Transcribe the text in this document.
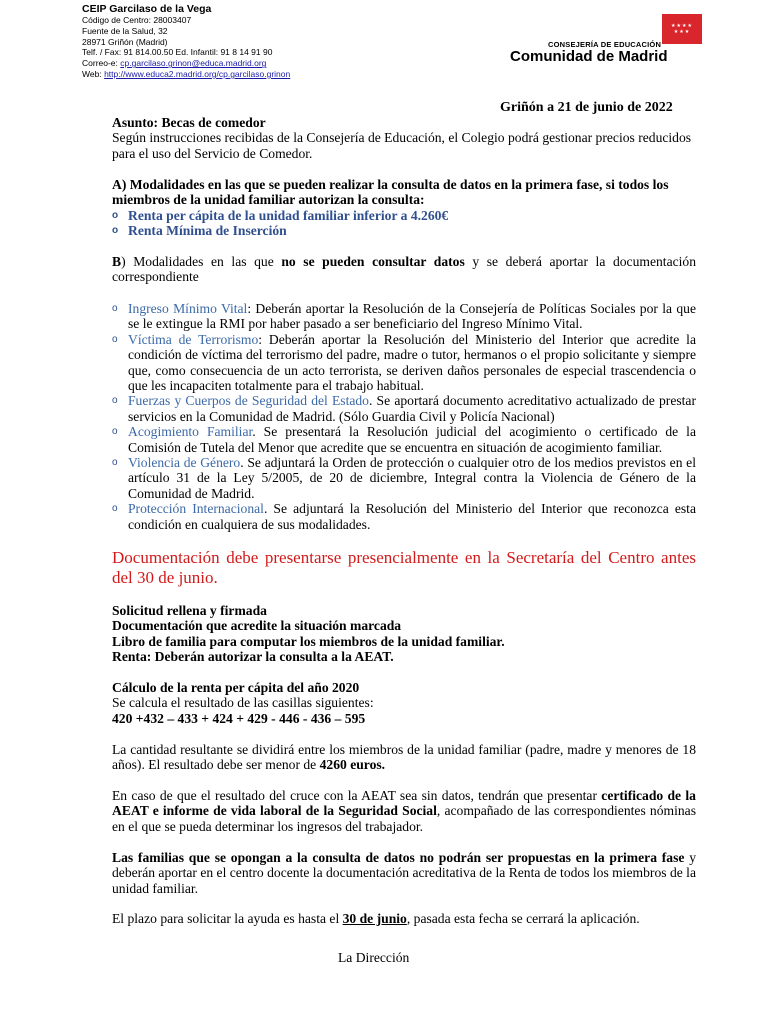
CEIP Garcilaso de la Vega
Código de Centro: 28003407
Fuente de la Salud, 32
28971 Griñón (Madrid)
Telf. / Fax: 91 814.00.50 Ed. Infantil: 91 8 14 91 90
Correo-e: cp.garcilaso.grinon@educa.madrid.org
Web: http://www.educa2.madrid.org/cp.garcilaso.grinon
★★★★ ★★★
CONSEJERÍA DE EDUCACIÓN
Comunidad de Madrid
Griñón a 21 de junio de 2022

Asunto: Becas de comedor

Según instrucciones recibidas de la Consejería de Educación, el Colegio podrá gestionar precios reducidos para el uso del Servicio de Comedor.

A) Modalidades en las que se pueden realizar la consulta de datos en la primera fase, si todos los miembros de la unidad familiar autorizan la consulta:

o Renta per cápita de la unidad familiar inferior a 4.260€
o Renta Mínima de Inserción

B) Modalidades en las que no se pueden consultar datos y se deberá aportar la documentación correspondiente

o Ingreso Mínimo Vital: Deberán aportar la Resolución de la Consejería de Políticas Sociales por la que se le extingue la RMI por haber pasado a ser beneficiario del Ingreso Mínimo Vital.
o Víctima de Terrorismo: Deberán aportar la Resolución del Ministerio del Interior que acredite la condición de víctima del terrorismo del padre, madre o tutor, hermanos o el propio solicitante y siempre que, como consecuencia de un acto terrorista, se deriven daños personales de especial trascendencia o que les incapaciten totalmente para el trabajo habitual.
o Fuerzas y Cuerpos de Seguridad del Estado. Se aportará documento acreditativo actualizado de prestar servicios en la Comunidad de Madrid. (Sólo Guardia Civil y Policía Nacional)
o Acogimiento Familiar. Se presentará la Resolución judicial del acogimiento o certificado de la Comisión de Tutela del Menor que acredite que se encuentra en situación de acogimiento familiar.
o Violencia de Género. Se adjuntará la Orden de protección o cualquier otro de los medios previstos en el artículo 31 de la Ley 5/2005, de 20 de diciembre, Integral contra la Violencia de Género de la Comunidad de Madrid.
o Protección Internacional. Se adjuntará la Resolución del Ministerio del Interior que reconozca esta condición en cualquiera de sus modalidades.
Documentación debe presentarse presencialmente en la Secretaría del Centro antes del 30 de junio.

Solicitud rellena y firmada

Documentación que acredite la situación marcada

Libro de familia para computar los miembros de la unidad familiar.

Renta: Deberán autorizar la consulta a la AEAT.

Cálculo de la renta per cápita del año 2020

Se calcula el resultado de las casillas siguientes:

420 +432 – 433 + 424 + 429 - 446 - 436 – 595

La cantidad resultante se dividirá entre los miembros de la unidad familiar (padre, madre y menores de 18 años). El resultado debe ser menor de 4260 euros.

En caso de que el resultado del cruce con la AEAT sea sin datos, tendrán que presentar certificado de la AEAT e informe de vida laboral de la Seguridad Social, acompañado de las correspondientes nóminas en el que se pueda determinar los ingresos del trabajador.

Las familias que se opongan a la consulta de datos no podrán ser propuestas en la primera fase y deberán aportar en el centro docente la documentación acreditativa de la Renta de todos los miembros de la unidad familiar.

El plazo para solicitar la ayuda es hasta el 30 de junio, pasada esta fecha se cerrará la aplicación.

La Dirección
